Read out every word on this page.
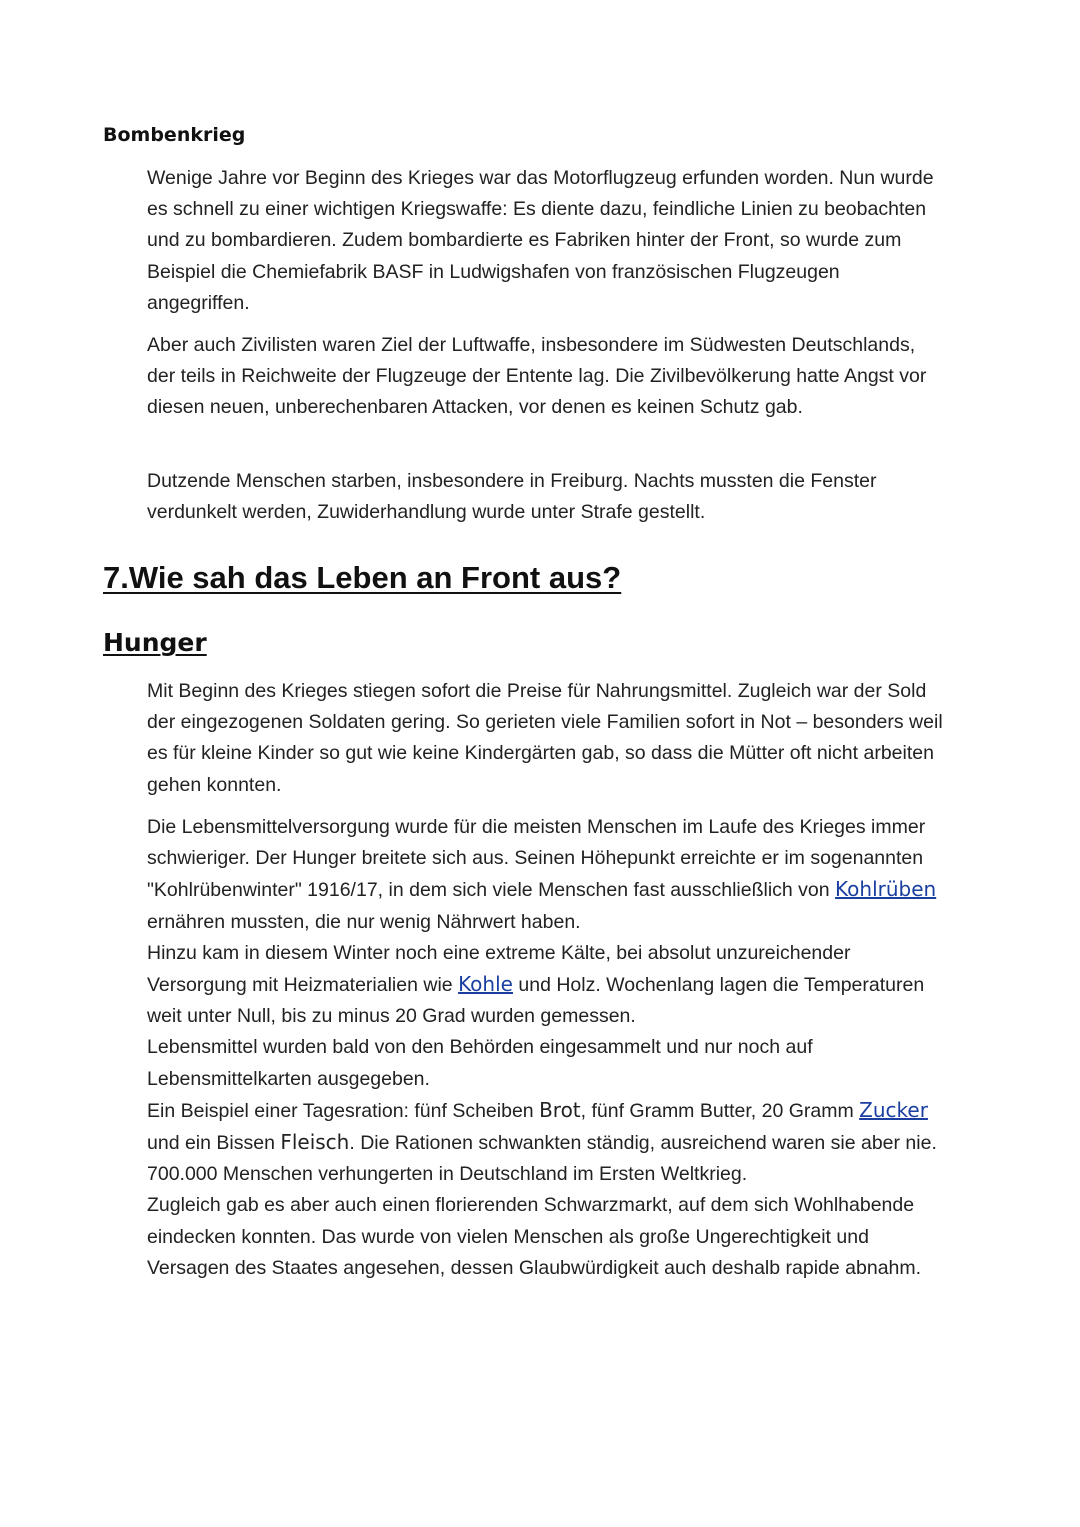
Bombenkrieg

Wenige Jahre vor Beginn des Krieges war das Motorflugzeug erfunden worden. Nun wurde es schnell zu einer wichtigen Kriegswaffe: Es diente dazu, feindliche Linien zu beobachten und zu bombardieren. Zudem bombardierte es Fabriken hinter der Front, so wurde zum Beispiel die Chemiefabrik BASF in Ludwigshafen von französischen Flugzeugen angegriffen.

Aber auch Zivilisten waren Ziel der Luftwaffe, insbesondere im Südwesten Deutschlands, der teils in Reichweite der Flugzeuge der Entente lag. Die Zivilbevölkerung hatte Angst vor diesen neuen, unberechenbaren Attacken, vor denen es keinen Schutz gab.

Dutzende Menschen starben, insbesondere in Freiburg. Nachts mussten die Fenster verdunkelt werden, Zuwiderhandlung wurde unter Strafe gestellt.

7.Wie sah das Leben an Front aus?
Hunger

Mit Beginn des Krieges stiegen sofort die Preise für Nahrungsmittel. Zugleich war der Sold der eingezogenen Soldaten gering. So gerieten viele Familien sofort in Not – besonders weil es für kleine Kinder so gut wie keine Kindergärten gab, so dass die Mütter oft nicht arbeiten gehen konnten.

Die Lebensmittelversorgung wurde für die meisten Menschen im Laufe des Krieges immer schwieriger. Der Hunger breitete sich aus. Seinen Höhepunkt erreichte er im sogenannten "Kohlrübenwinter" 1916/17, in dem sich viele Menschen fast ausschließlich von Kohlrüben ernähren mussten, die nur wenig Nährwert haben.
Hinzu kam in diesem Winter noch eine extreme Kälte, bei absolut unzureichender Versorgung mit Heizmaterialien wie Kohle und Holz. Wochenlang lagen die Temperaturen weit unter Null, bis zu minus 20 Grad wurden gemessen.
Lebensmittel wurden bald von den Behörden eingesammelt und nur noch auf Lebensmittelkarten ausgegeben.
Ein Beispiel einer Tagesration: fünf Scheiben Brot, fünf Gramm Butter, 20 Gramm Zucker und ein Bissen Fleisch. Die Rationen schwankten ständig, ausreichend waren sie aber nie. 700.000 Menschen verhungerten in Deutschland im Ersten Weltkrieg.
Zugleich gab es aber auch einen florierenden Schwarzmarkt, auf dem sich Wohlhabende eindecken konnten. Das wurde von vielen Menschen als große Ungerechtigkeit und Versagen des Staates angesehen, dessen Glaubwürdigkeit auch deshalb rapide abnahm.
